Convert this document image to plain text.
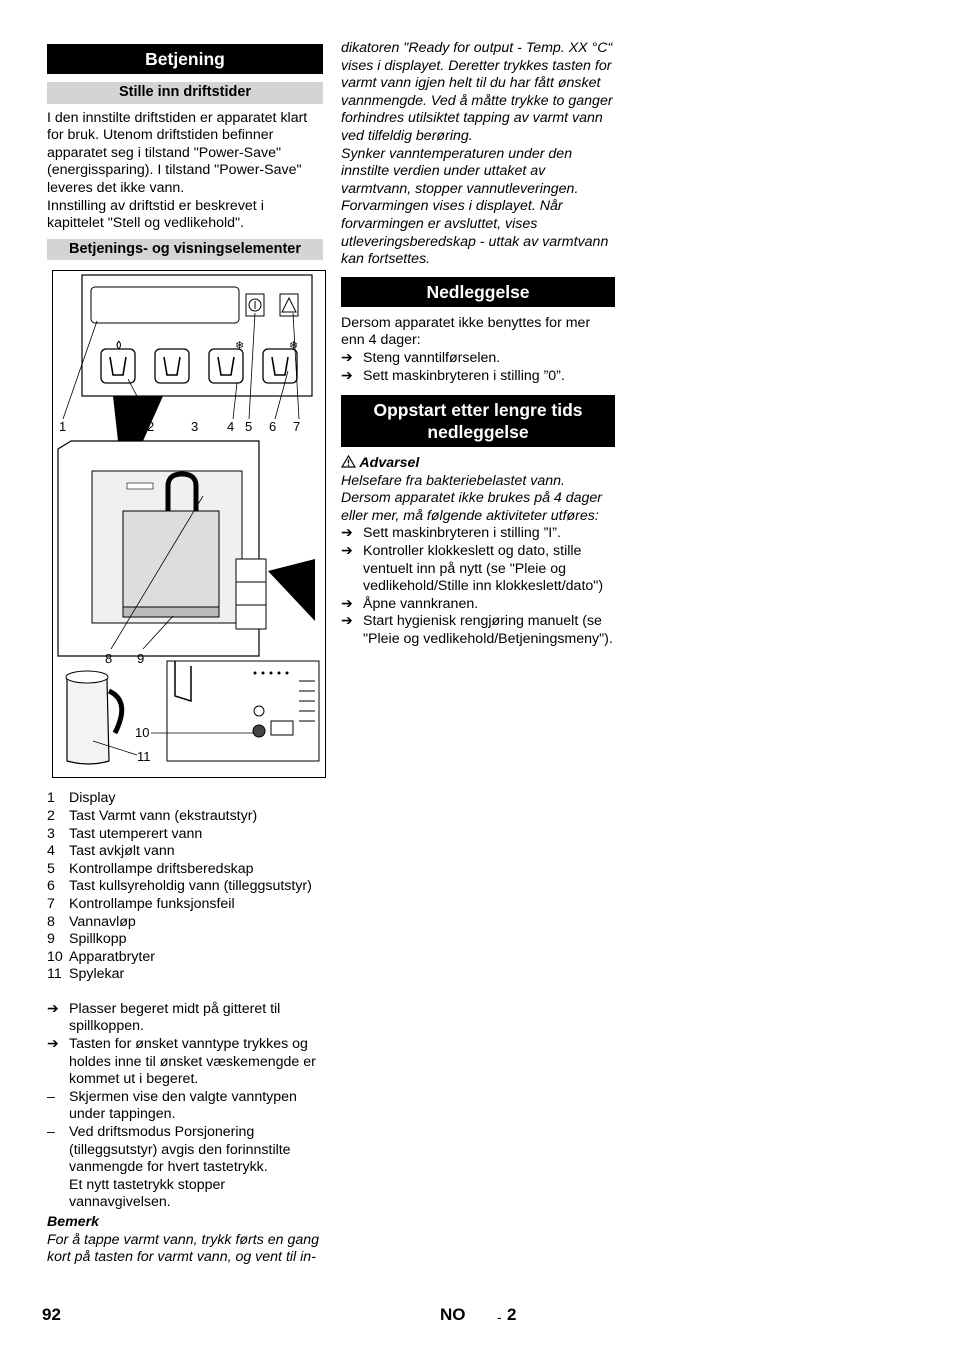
Betjening
Stille inn driftstider

I den innstilte driftstiden er apparatet klart for bruk. Utenom driftstiden befinner apparatet seg i tilstand "Power-Save" (energissparing). I tilstand "Power-Save" leveres det ikke vann.

Innstilling av driftstid er beskrevet i kapittelet "Stell og vedlikehold".

Betjenings- og visningselementer
❄	❄
1	2	3 4 5 6 7
8 9
10
11
1 Display
2 Tast Varmt vann (ekstrautstyr)
3 Tast utemperert vann
4 Tast avkjølt vann
5 Kontrollampe driftsberedskap
6 Tast kullsyreholdig vann (tilleggsutstyr)
7 Kontrollampe funksjonsfeil
8 Vannavløp
9 Spillkopp
10 Apparatbryter
11 Spylekar
➔ Plasser begeret midt på gitteret til spillkoppen.
➔ Tasten for ønsket vanntype trykkes og holdes inne til ønsket væskemengde er kommet ut i begeret.
– Skjermen vise den valgte vanntypen under tappingen.
– Ved driftsmodus Porsjonering (tilleggsutstyr) avgis den forinnstilte vanmengde for hvert tastetrykk.
Et nytt tastetrykk stopper vannavgivelsen.

Bemerk

For å tappe varmt vann, trykk førts en gang kort på tasten for varmt vann, og vent til in-

dikatoren "Ready for output - Temp. XX °C“ vises i displayet. Deretter trykkes tasten for varmt vann igjen helt til du har fått ønsket vannmengde. Ved å måtte trykke to ganger forhindres utilsiktet tapping av varmt vann ved tilfeldig berøring.

Synker vanntemperaturen under den innstilte verdien under uttaket av varmtvann, stopper vannutleveringen. Forvarmingen vises i displayet. Når forvarmingen er avsluttet, vises utleveringsberedskap - uttak av varmtvann kan fortsettes.

Nedleggelse

Dersom apparatet ikke benyttes for mer enn 4 dager:

➔ Steng vanntilførselen.
➔ Sett maskinbryteren i stilling ”0”.
Oppstart etter lengre tids nedleggelse

Advarsel

Helsefare fra bakteriebelastet vann. Dersom apparatet ikke brukes på 4 dager eller mer, må følgende aktiviteter utføres:

➔ Sett maskinbryteren i stilling ”I”.
➔ Kontroller klokkeslett og dato, stille ventuelt inn på nytt (se "Pleie og vedlikehold/Stille inn klokkeslett/dato")
➔ Åpne vannkranen.
➔ Start hygienisk rengjøring manuelt (se "Pleie og vedlikehold/Betjeningsmeny").
92	NO - 2
